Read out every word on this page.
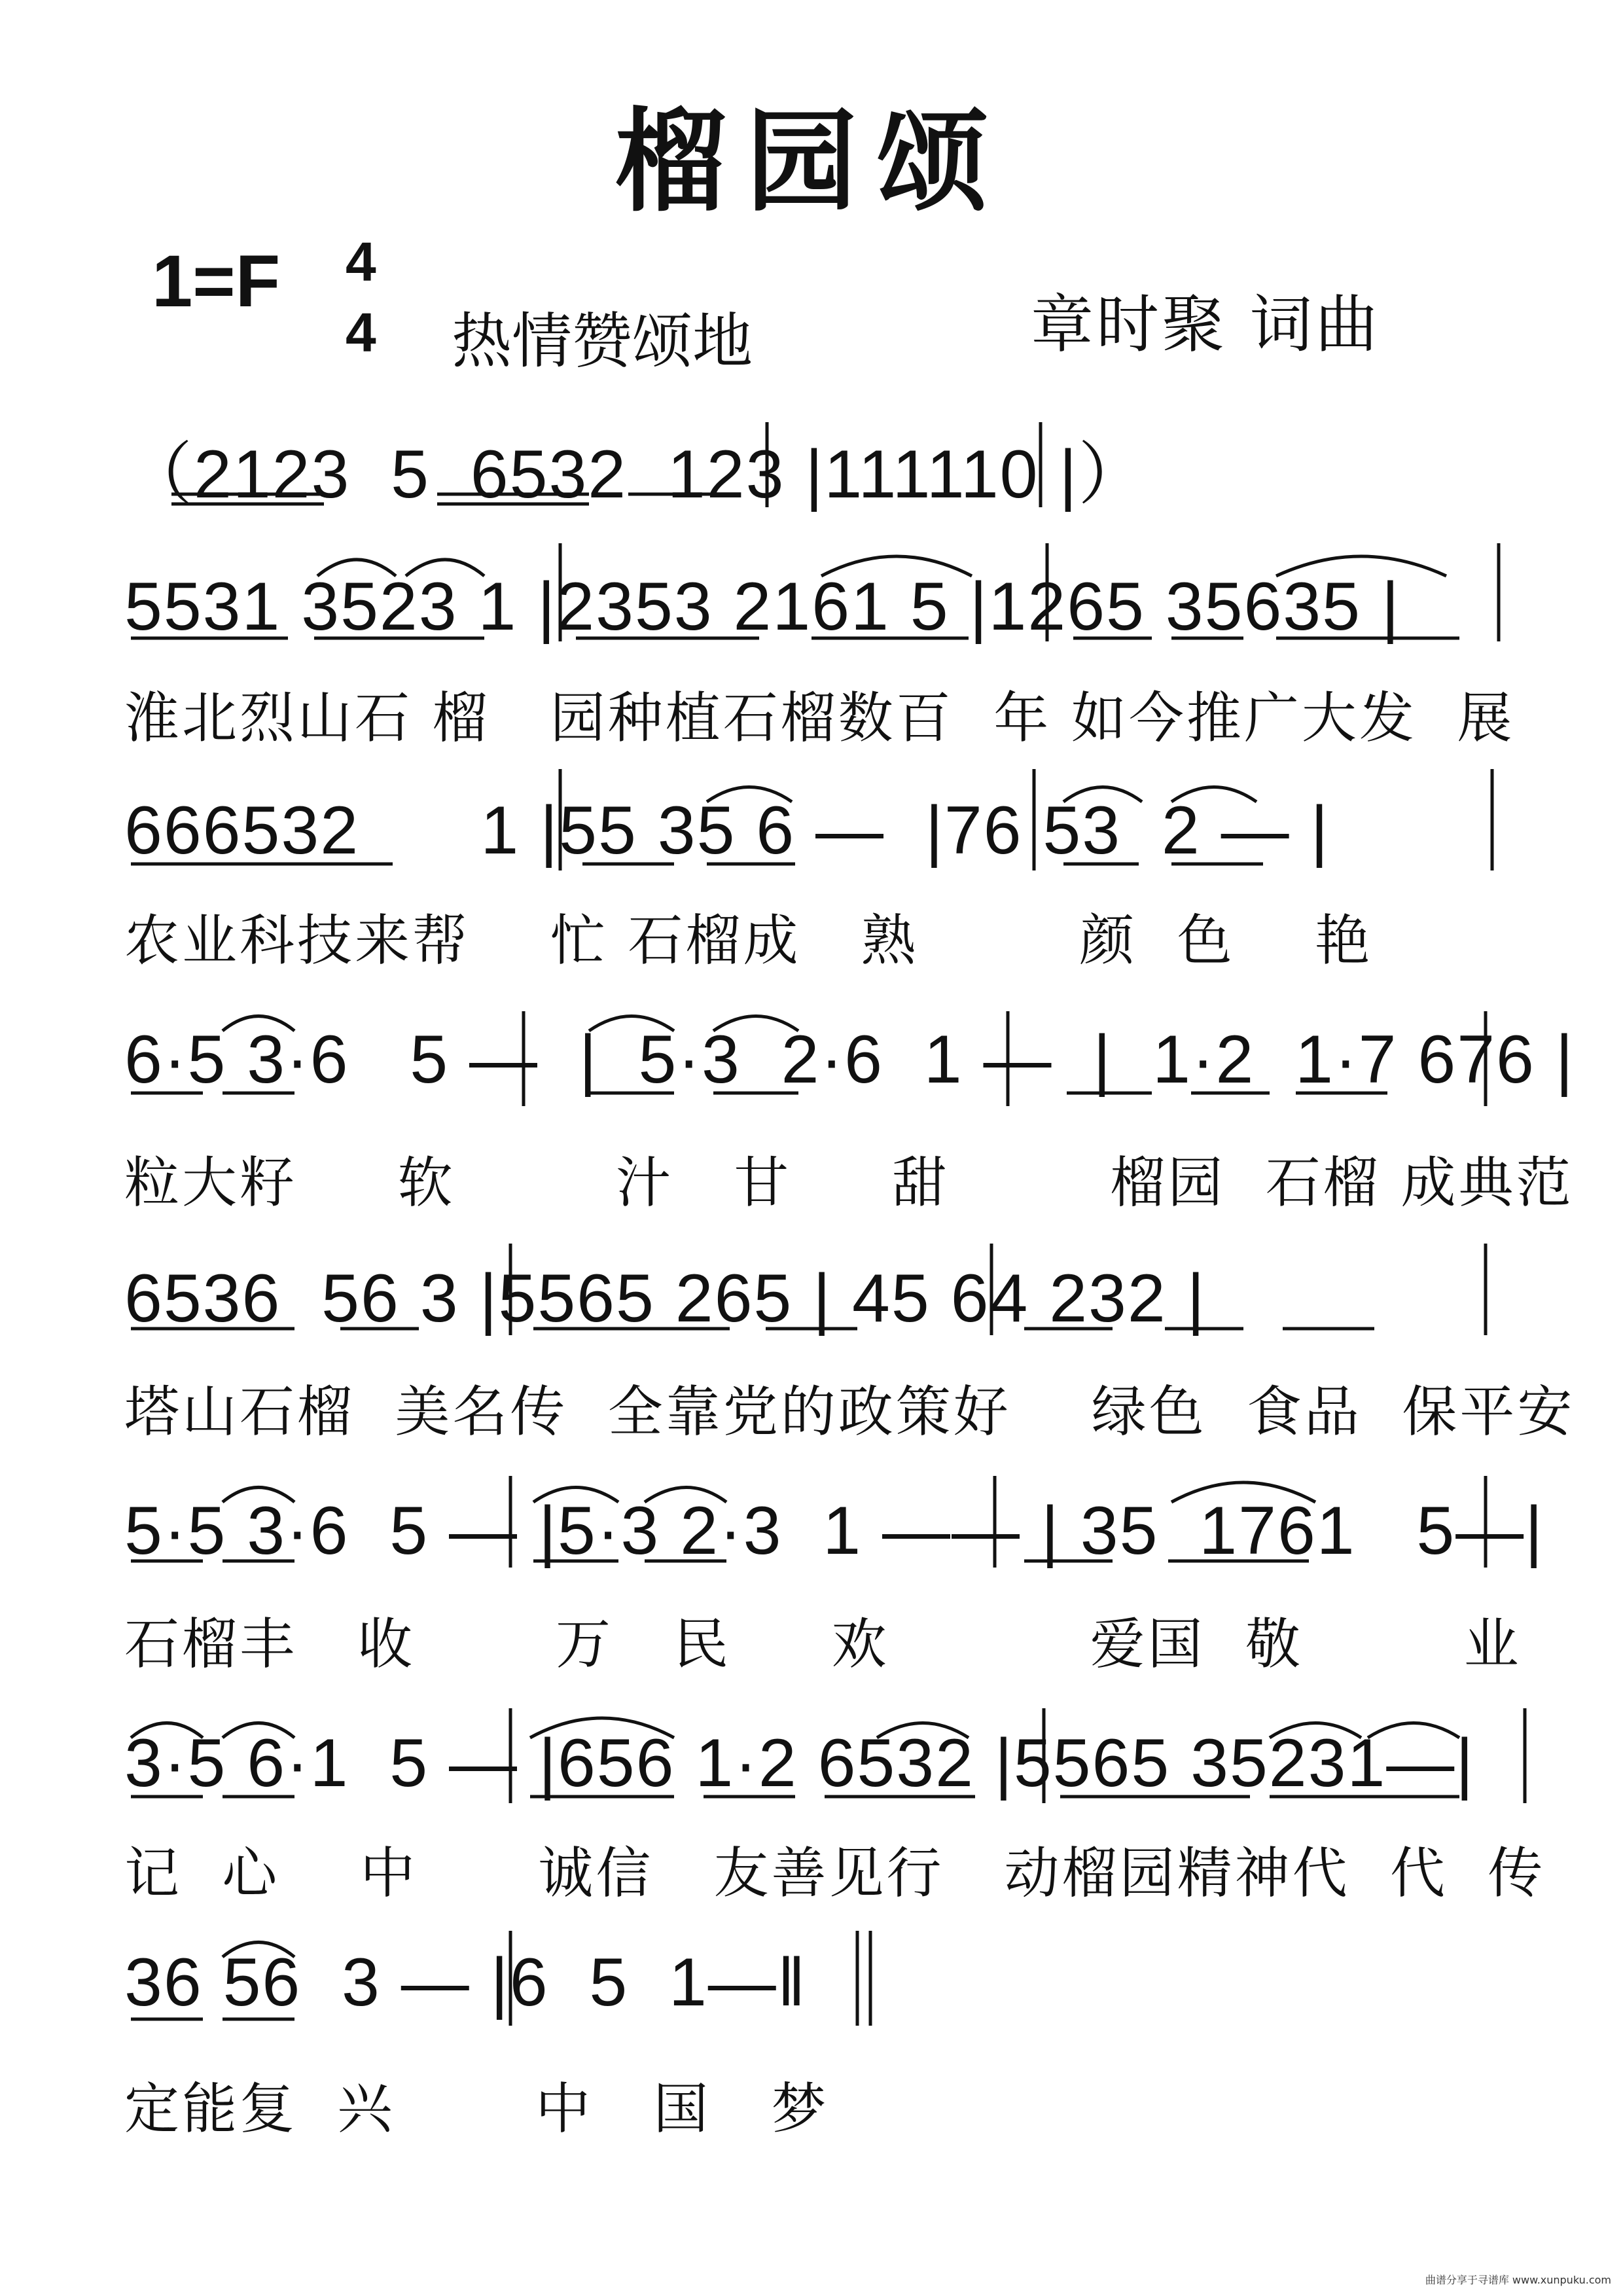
榴园颂
1=F 4
4 热情赞颂地	章时聚 词曲
（2123  5  6532  123 |111110 |）
5531 3523 1 |2353 2161 5 |1265 35635 |
淮北烈山石 榴   园种植石榴数百  年 如今推广大发  展
666532      1 |55 35 6 —  |76 53  2 — |
农业科技来帮    忙 石榴成   熟        颜  色    艳
6·5 3·6   5 —  |  5·3  2·6  1 —  |  1·2  1·7 676 |
粒大籽     软        汁   甘     甜        榴园  石榴 成典范
6536  56 3 |5565 265 | 45 64 232 |
塔山石榴  美名传  全靠党的政策好    绿色  食品  保平安
5·5 3·6  5 — |5·3 2·3  1 —— | 35  1761   5—|
石榴丰   收       万   民     欢          爱国  敬        业
3·5 6·1  5 — |656 1·2 6532 |5565 35231—|
记  心    中      诚信   友善见行   动榴园精神代  代  传
36 56  3 — |6  5  1—‖
定能复  兴       中   国   梦
曲谱分享于寻谱库 www.xunpuku.com
